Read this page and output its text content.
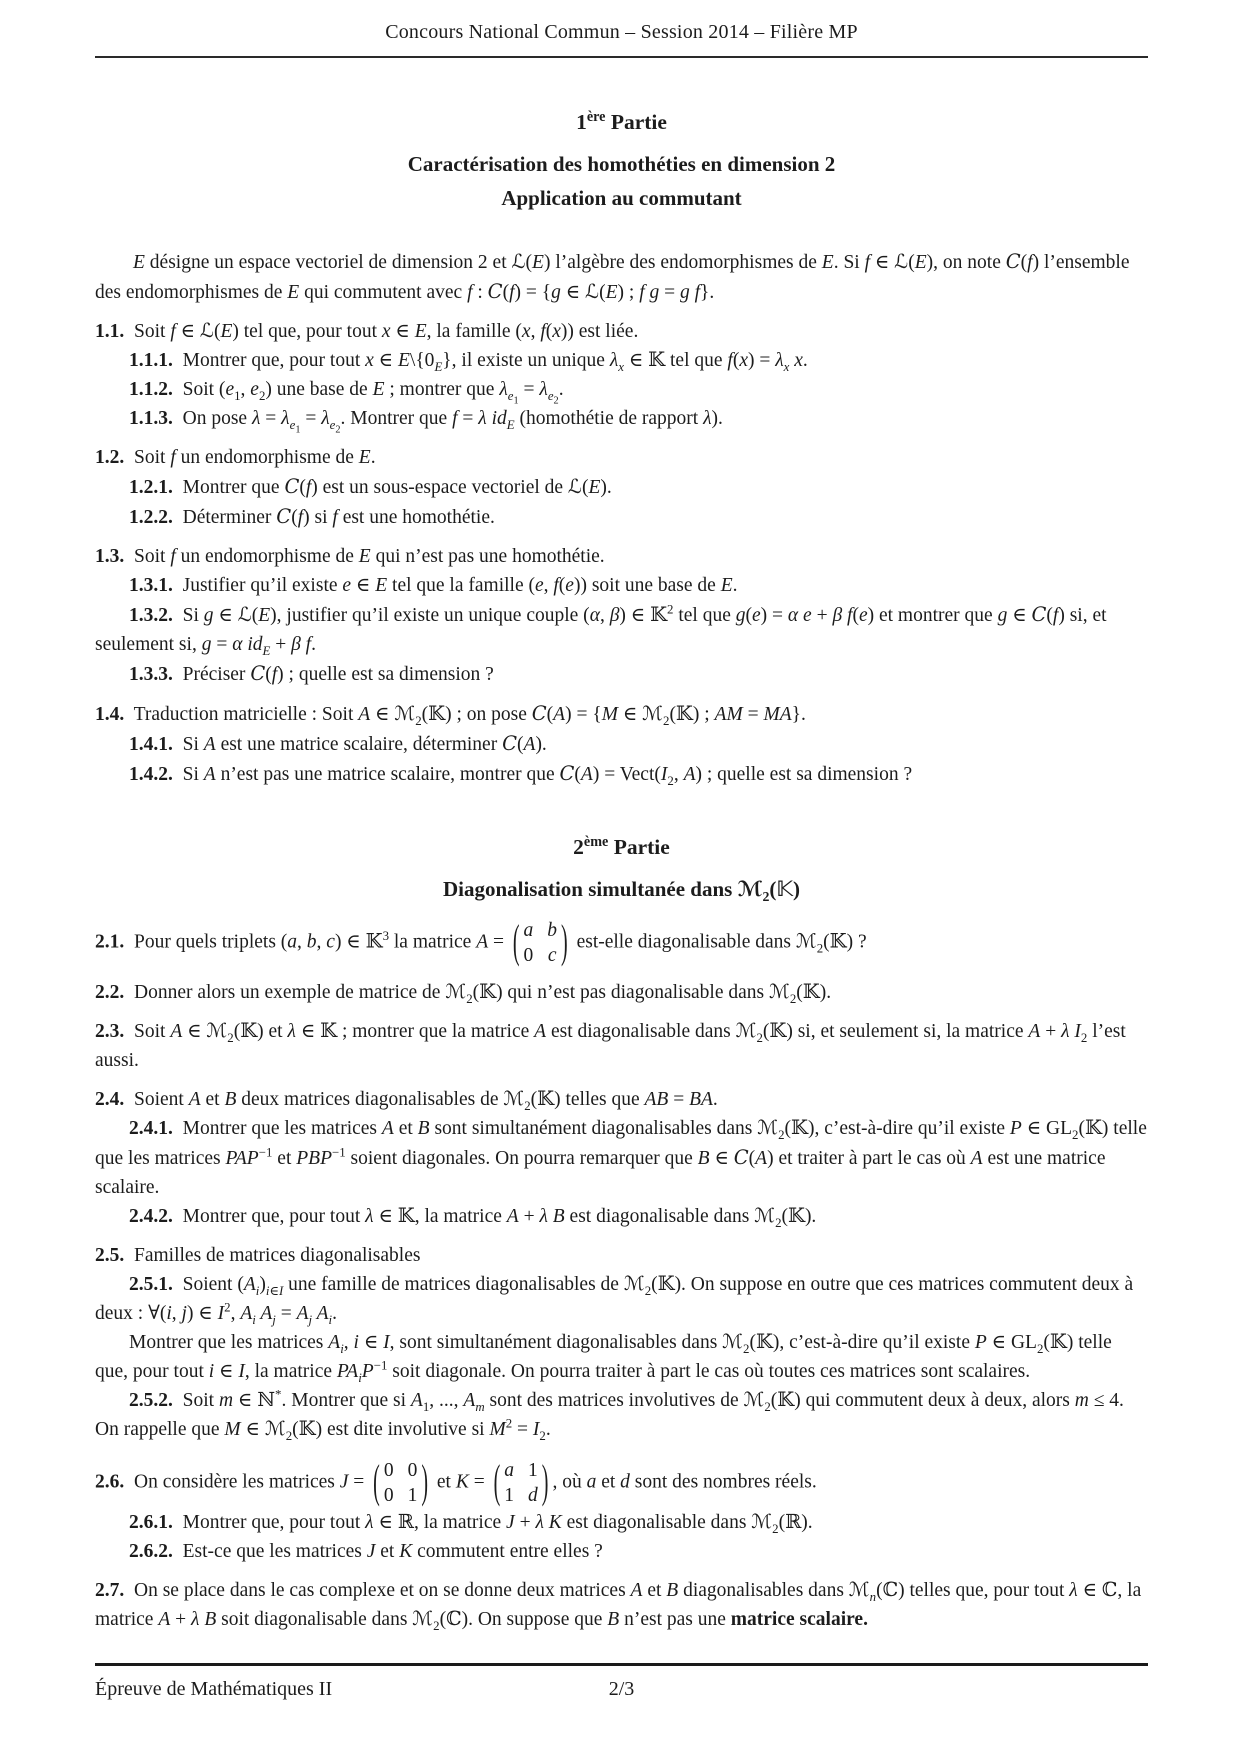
Concours National Commun – Session 2014 – Filière MP
1ère Partie
Caractérisation des homothéties en dimension 2
Application au commutant

E désigne un espace vectoriel de dimension 2 et ℒ(E) l’algèbre des endomorphismes de E. Si f ∈ ℒ(E), on note C(f) l’ensemble des endomorphismes de E qui commutent avec f : C(f) = {g ∈ ℒ(E) ; f g = g f}.

1.1.  Soit f ∈ ℒ(E) tel que, pour tout x ∈ E, la famille (x, f(x)) est liée.

1.1.1.  Montrer que, pour tout x ∈ $E\backslash\{0_E\}$, il existe un unique $\lambda_x$ ∈ 𝕂 tel que $f(x) = \lambda_x$ x.

1.1.2.  Soit ($e_1$, $e_2$) une base de E ; montrer que $\lambda_{e_1} = \lambda_{e_2}$.

1.1.3.  On pose $\lambda = \lambda_{e_1} = \lambda_{e_2}$. Montrer que f = λ $id_E$ (homothétie de rapport λ).

1.2.  Soit f un endomorphisme de E.

1.2.1.  Montrer que C(f) est un sous-espace vectoriel de ℒ(E).

1.2.2.  Déterminer C(f) si f est une homothétie.

1.3.  Soit f un endomorphisme de E qui n’est pas une homothétie.

1.3.1.  Justifier qu’il existe e ∈ E tel que la famille (e, f(e)) soit une base de E.

1.3.2.  Si g ∈ ℒ(E), justifier qu’il existe un unique couple (α, β) ∈ 𝕂$^2$ tel que g(e) = α e + β f(e) et montrer que g ∈ C(f) si, et seulement si, g = α $id_E + \beta$ f.

1.3.3.  Préciser C(f) ; quelle est sa dimension ?

1.4.  Traduction matricielle : Soit A ∈ ℳ$_2$(𝕂) ; on pose C(A) = {M ∈ ℳ$_2$(𝕂) ; AM = MA}.

1.4.1.  Si A est une matrice scalaire, déterminer C(A).

1.4.2.  Si A n’est pas une matrice scalaire, montrer que $C(A) = Vect(I_2$, A) ; quelle est sa dimension ?

2ème Partie
Diagonalisation simultanée dans ℳ$_2$(𝕂)

2.1.  Pour quels triplets (a, b, c) ∈ 𝕂$^3$ la matrice A = ( a b
0 c ) est-elle diagonalisable dans ℳ$_2$(𝕂) ?

2.2.  Donner alors un exemple de matrice de ℳ$_2$(𝕂) qui n’est pas diagonalisable dans ℳ$_2$(𝕂).

2.3.  Soit A ∈ ℳ$_2$(𝕂) et λ ∈ 𝕂 ; montrer que la matrice A est diagonalisable dans ℳ$_2$(𝕂) si, et seulement si, la matrice A + λ $I_2$ l’est aussi.

2.4.  Soient A et B deux matrices diagonalisables de ℳ$_2$(𝕂) telles que AB = BA.

2.4.1.  Montrer que les matrices A et B sont simultanément diagonalisables dans ℳ$_2$(𝕂), c’est-à-dire qu’il existe P ∈ $GL_2(𝕂)$ telle que les matrices $PAP^{-1}$ et $PBP^{-1}$ soient diagonales. On pourra remarquer que B ∈ C(A) et traiter à part le cas où A est une matrice scalaire.

2.4.2.  Montrer que, pour tout λ ∈ 𝕂, la matrice A + λ B est diagonalisable dans ℳ$_2$(𝕂).

2.5.  Familles de matrices diagonalisables

2.5.1.  Soient $(A_i)_{i\in I}$ une famille de matrices diagonalisables de ℳ$_2$(𝕂). On suppose en outre que ces matrices commutent deux à deux : ∀(i, j) ∈ $I^2$, $A_i$ $A_j = A_j$ $A_i$.

Montrer que les matrices $A_i$, i ∈ I, sont simultanément diagonalisables dans ℳ$_2$(𝕂), c’est-à-dire qu’il existe P ∈ $GL_2(𝕂)$ telle que, pour tout i ∈ I, la matrice $PA_iP^{-1}$ soit diagonale. On pourra traiter à part le cas où toutes ces matrices sont scalaires.

2.5.2.  Soit m ∈ ℕ*. Montrer que si $A_1$, ..., $A_m$ sont des matrices involutives de ℳ$_2$(𝕂) qui commutent deux à deux, alors m ≤ 4. On rappelle que M ∈ ℳ$_2$(𝕂) est dite involutive si $M^2 = I_2$.

2.6.  On considère les matrices J = ( 0 0
0 1 ) et K = ( a 1
1 d ) , où a et d sont des nombres réels.

2.6.1.  Montrer que, pour tout λ ∈ ℝ, la matrice J + λ K est diagonalisable dans ℳ$_2$(ℝ).

2.6.2.  Est-ce que les matrices J et K commutent entre elles ?

2.7.  On se place dans le cas complexe et on se donne deux matrices A et B diagonalisables dans ℳ$_n$(ℂ) telles que, pour tout λ ∈ ℂ, la matrice A + λ B soit diagonalisable dans ℳ$_2$(ℂ). On suppose que B n’est pas une matrice scalaire.

Épreuve de Mathématiques II	2/3
